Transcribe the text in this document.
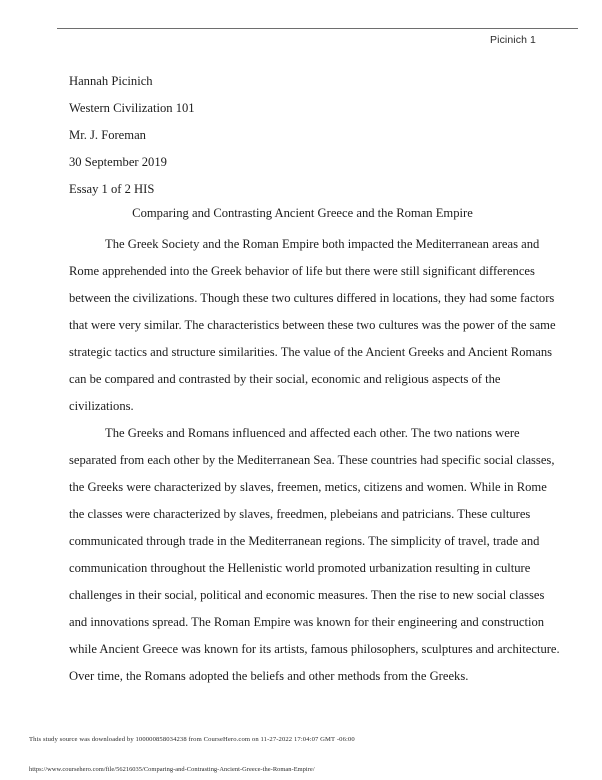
Picinich 1
Hannah Picinich
Western Civilization 101
Mr. J. Foreman
30 September 2019
Essay 1 of 2 HIS
Comparing and Contrasting Ancient Greece and the Roman Empire

The Greek Society and the Roman Empire both impacted the Mediterranean areas and
Rome apprehended into the Greek behavior of life but there were still significant differences
between the civilizations. Though these two cultures differed in locations, they had some factors
that were very similar. The characteristics between these two cultures was the power of the same
strategic tactics and structure similarities. The value of the Ancient Greeks and Ancient Romans
can be compared and contrasted by their social, economic and religious aspects of the
civilizations.

The Greeks and Romans influenced and affected each other. The two nations were
separated from each other by the Mediterranean Sea. These countries had specific social classes,
the Greeks were characterized by slaves, freemen, metics, citizens and women. While in Rome
the classes were characterized by slaves, freedmen, plebeians and patricians. These cultures
communicated through trade in the Mediterranean regions. The simplicity of travel, trade and
communication throughout the Hellenistic world promoted urbanization resulting in culture
challenges in their social, political and economic measures. Then the rise to new social classes
and innovations spread. The Roman Empire was known for their engineering and construction
while Ancient Greece was known for its artists, famous philosophers, sculptures and architecture.
Over time, the Romans adopted the beliefs and other methods from the Greeks.

This study source was downloaded by 100000858034238 from CourseHero.com on 11-27-2022 17:04:07 GMT -06:00
https://www.coursehero.com/file/56216035/Comparing-and-Contrasting-Ancient-Greece-the-Roman-Empire/
